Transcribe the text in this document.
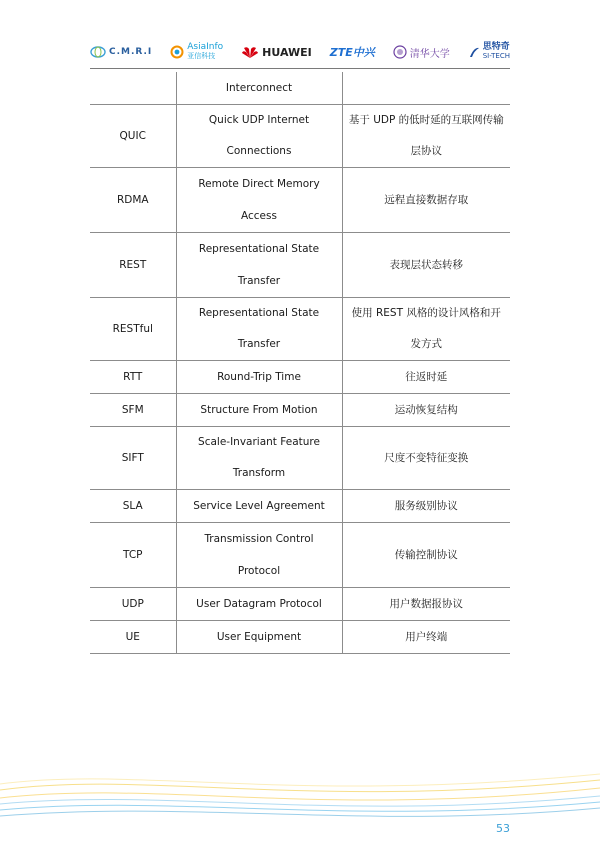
C.M.R.I	AsiaInfo
亚信科技	HUAWEI ZTE中兴	清华大学
思特奇
SI-TECH
	Interconnect	
QUIC	Quick UDP Internet Connections	基于 UDP 的低时延的互联网传输层协议
RDMA	Remote Direct Memory Access	远程直接数据存取
REST	Representational State Transfer	表现层状态转移
RESTful	Representational State Transfer	使用 REST 风格的设计风格和开发方式
RTT	Round-Trip Time	往返时延
SFM	Structure From Motion	运动恢复结构
SIFT	Scale-Invariant Feature Transform	尺度不变特征变换
SLA	Service Level Agreement	服务级别协议
TCP	Transmission Control Protocol	传输控制协议
UDP	User Datagram Protocol	用户数据报协议
UE	User Equipment	用户终端
53
